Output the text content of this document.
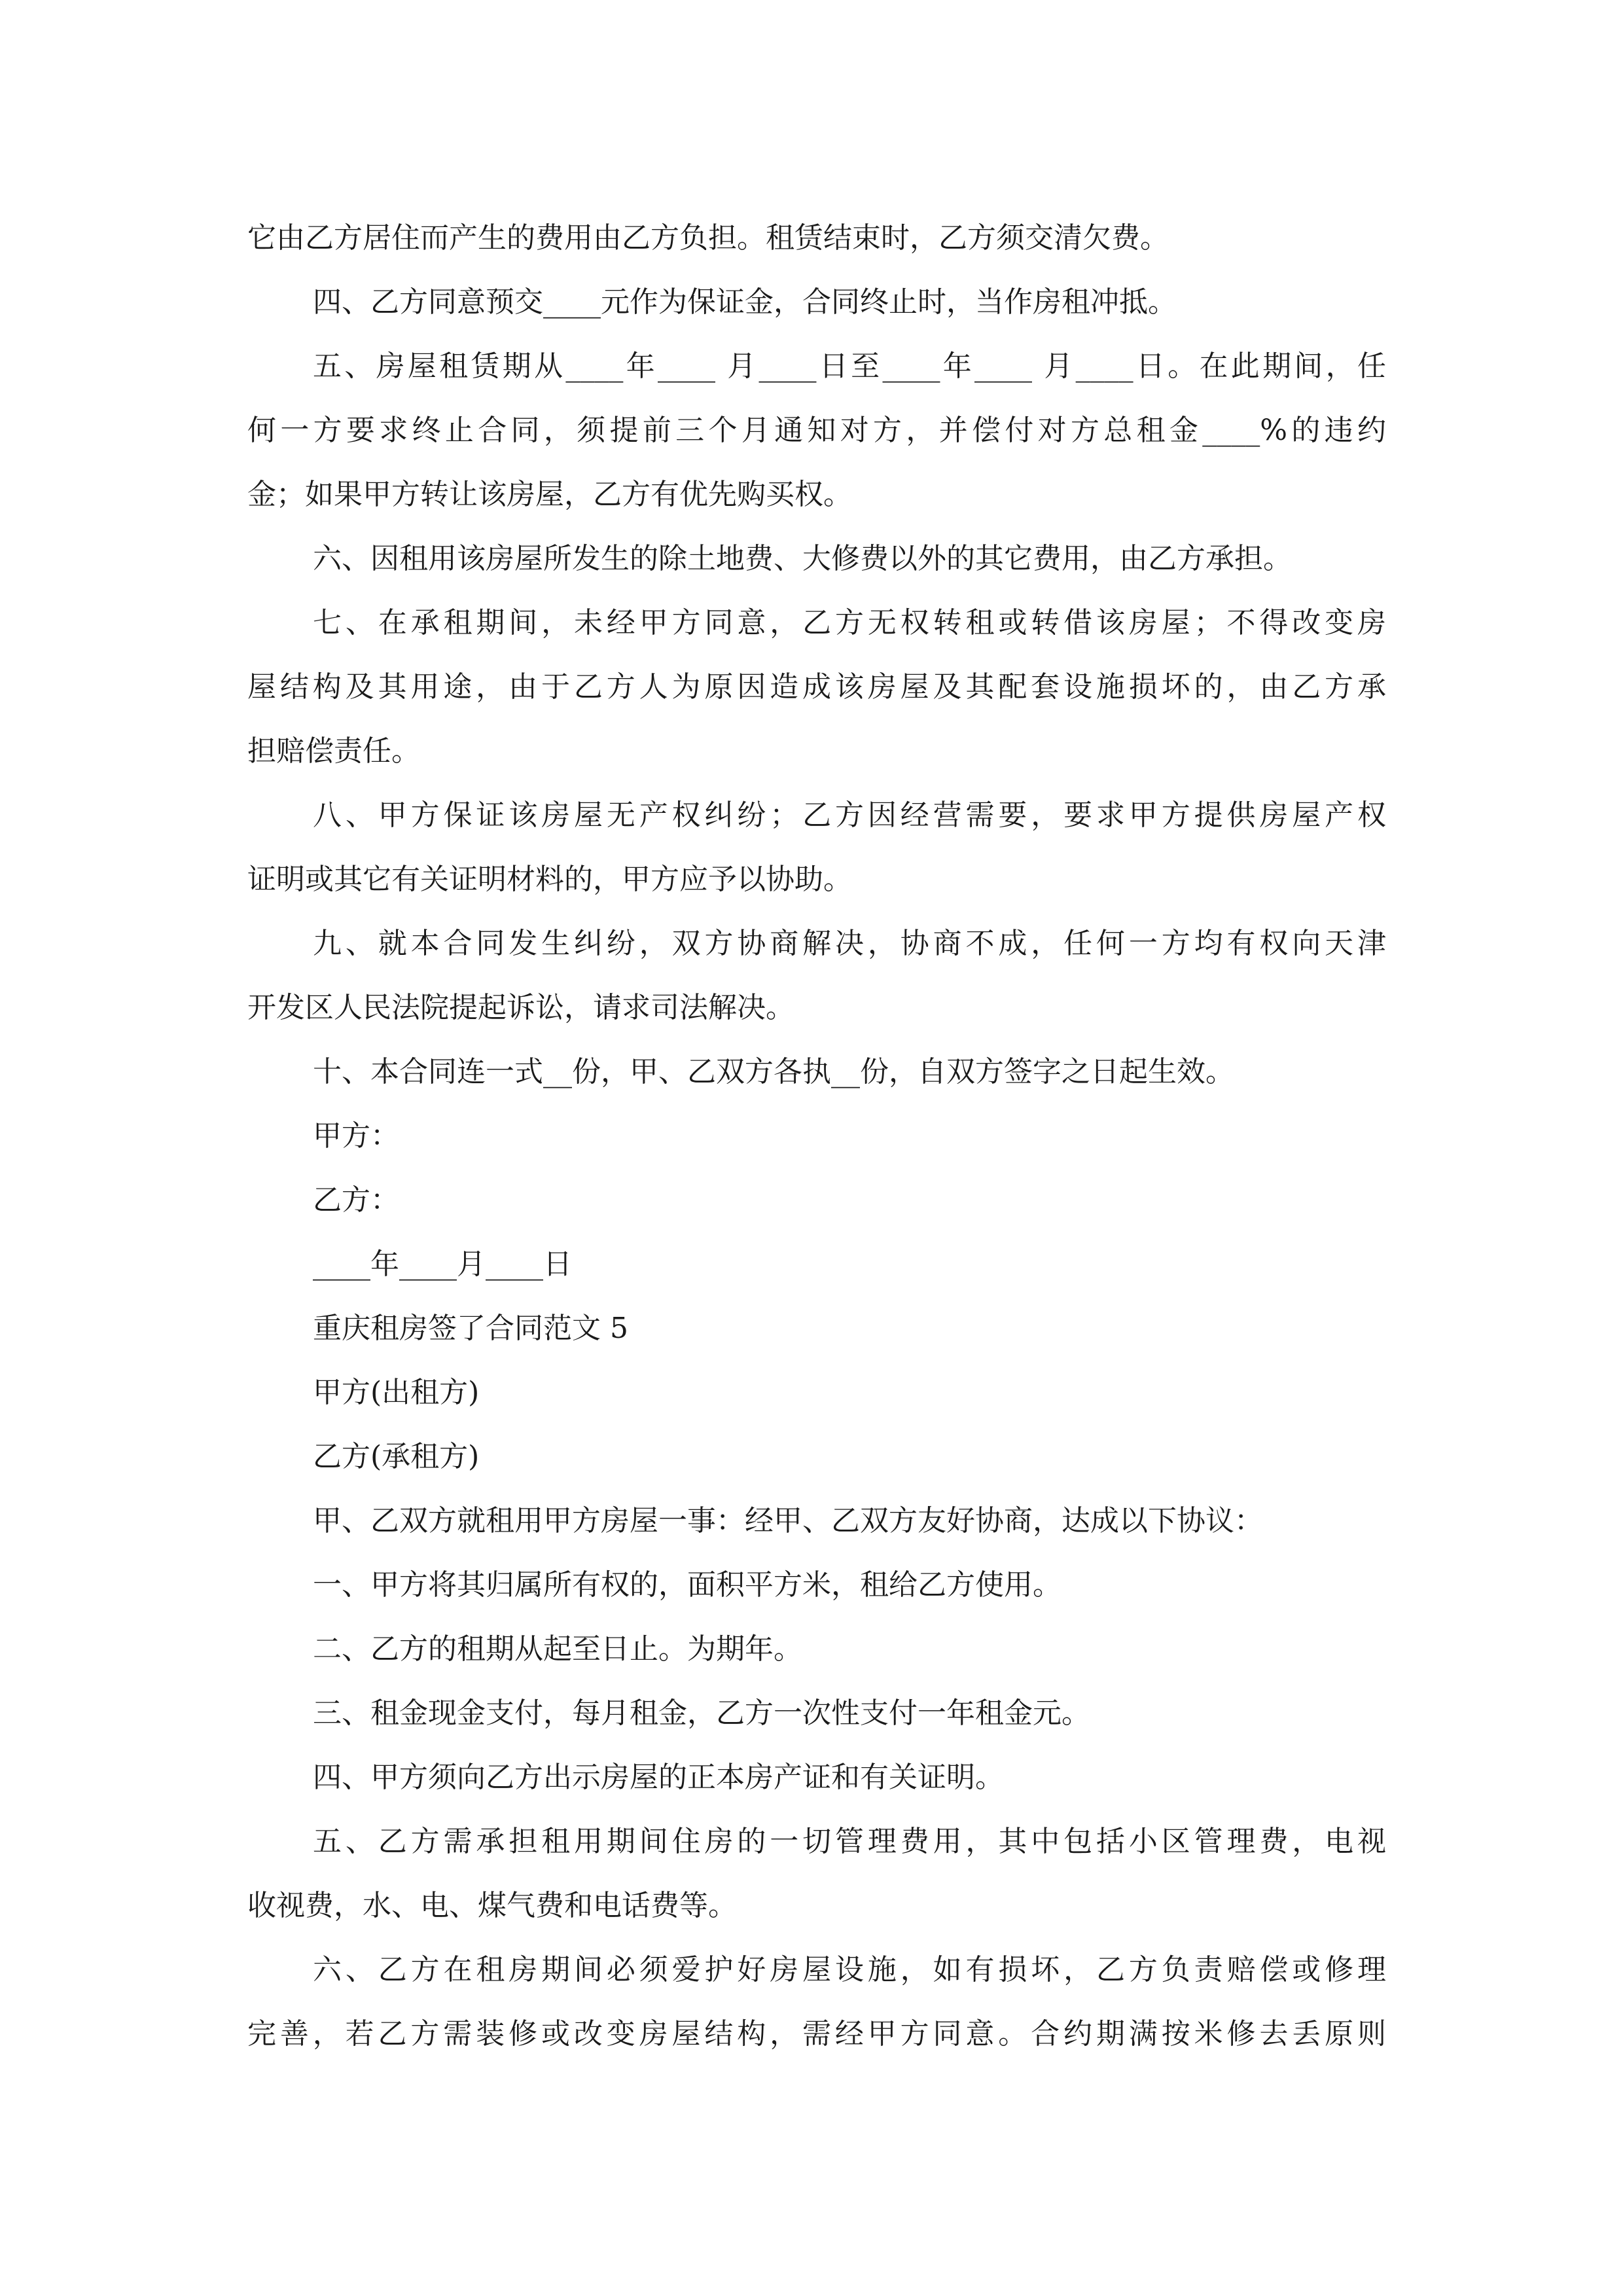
它由乙方居住而产生的费用由乙方负担。租赁结束时，乙方须交清欠费。
四、乙方同意预交____元作为保证金，合同终止时，当作房租冲抵。
五、房屋租赁期从____年____ 月____日至____年____ 月____日。在此期间，任
何一方要求终止合同，须提前三个月通知对方，并偿付对方总租金____%的违约
金；如果甲方转让该房屋，乙方有优先购买权。
六、因租用该房屋所发生的除土地费、大修费以外的其它费用，由乙方承担。
七、在承租期间，未经甲方同意，乙方无权转租或转借该房屋；不得改变房
屋结构及其用途，由于乙方人为原因造成该房屋及其配套设施损坏的，由乙方承
担赔偿责任。
八、甲方保证该房屋无产权纠纷；乙方因经营需要，要求甲方提供房屋产权
证明或其它有关证明材料的，甲方应予以协助。
九、就本合同发生纠纷，双方协商解决，协商不成，任何一方均有权向天津
开发区人民法院提起诉讼，请求司法解决。
十、本合同连一式__份，甲、乙双方各执__份，自双方签字之日起生效。
甲方：
乙方：
____年____月____日
重庆租房签了合同范文 5
甲方(出租方)
乙方(承租方)
甲、乙双方就租用甲方房屋一事：经甲、乙双方友好协商，达成以下协议：
一、甲方将其归属所有权的，面积平方米，租给乙方使用。
二、乙方的租期从起至日止。为期年。
三、租金现金支付，每月租金，乙方一次性支付一年租金元。
四、甲方须向乙方出示房屋的正本房产证和有关证明。
五、乙方需承担租用期间住房的一切管理费用，其中包括小区管理费，电视
收视费，水、电、煤气费和电话费等。
六、乙方在租房期间必须爱护好房屋设施，如有损坏，乙方负责赔偿或修理
完善，若乙方需装修或改变房屋结构，需经甲方同意。合约期满按米修去丢原则
